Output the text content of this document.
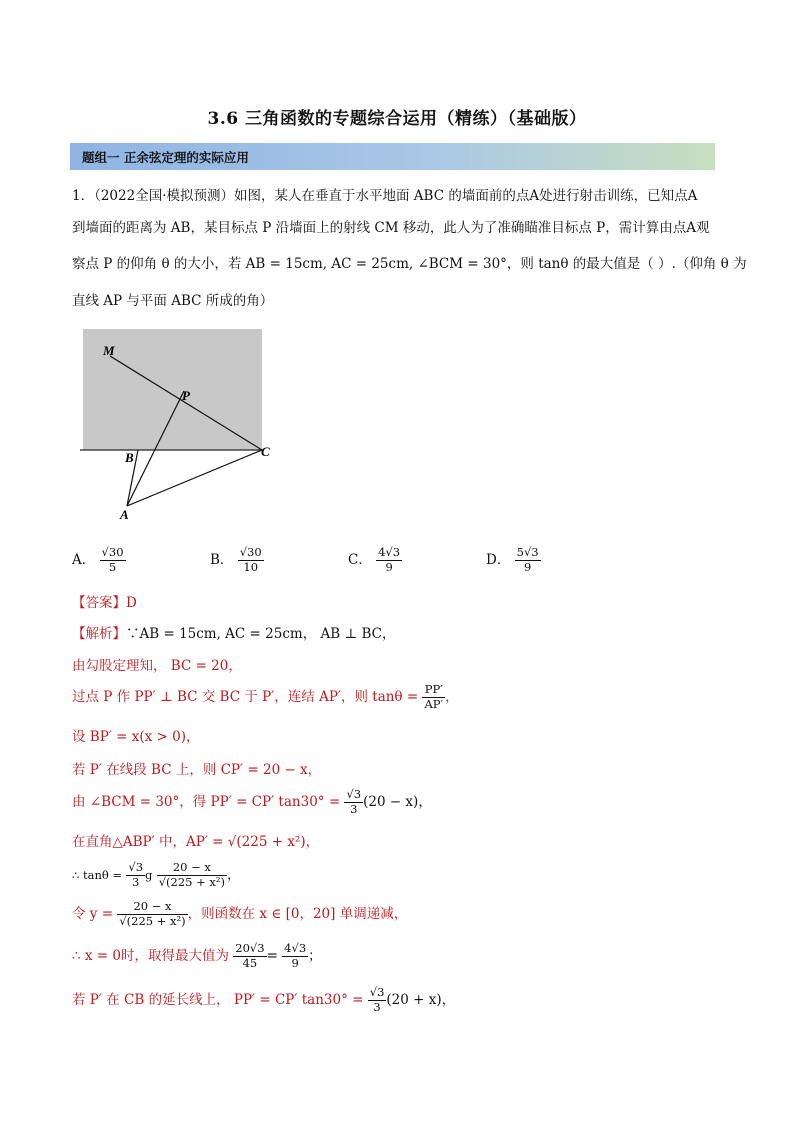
3.6 三角函数的专题综合运用（精练）（基础版）
题组一 正余弦定理的实际应用
1．（2022全国·模拟预测）如图，某人在垂直于水平地面 ABC 的墙面前的点A处进行射击训练，已知点A
到墙面的距离为 AB，某目标点 P 沿墙面上的射线 CM 移动，此人为了准确瞄准目标点 P，需计算由点A观
察点 P 的仰角 θ 的大小，若 AB = 15cm, AC = 25cm, ∠BCM = 30°，则 tanθ 的最大值是（ ）.（仰角 θ 为
直线 AP 与平面 ABC 所成的角）
M
P
B	C
A
A． $\frac{√30}{5}$	B． $\frac{√30}{10}$	C． $\frac{4√3}{9}$	D． $\frac{5√3}{9}$
【答案】D
【解析】∵AB = 15cm, AC = 25cm， AB ⊥ BC，
由勾股定理知， BC = 20，
过点 P 作 PP′ ⊥ BC 交 BC 于 P′，连结 AP′，则 $\tan\theta = \frac{PP'}{AP'}$ ，
设 BP′ = x(x > 0)，
若 P′ 在线段 BC 上，则 CP′ = 20 − x，
由 ∠BCM = 30°，得 PP′ = CP′ $\tan 30^\circ = \frac{√3}{3} (20 - x)$，
在直角△ABP′ 中，AP′ = √(225 + x²)，
∴ $\tan\theta = \frac{√3}{3}$ g $\frac{20 - x}{\text{√(225 + x²)}}$ ，
令 $y = \frac{20 - x}{\text{√(225 + x²)}}$ ，则函数在 x ∈ [0，20] 单调递减，
∴ x = 0时，取得最大值为 $\frac{20√3}{45} = \frac{4√3}{9}$ ；
若 P′ 在 CB 的延长线上， PP′ = CP′ $\tan 30^\circ = \frac{√3}{3} (20 + x)$，
